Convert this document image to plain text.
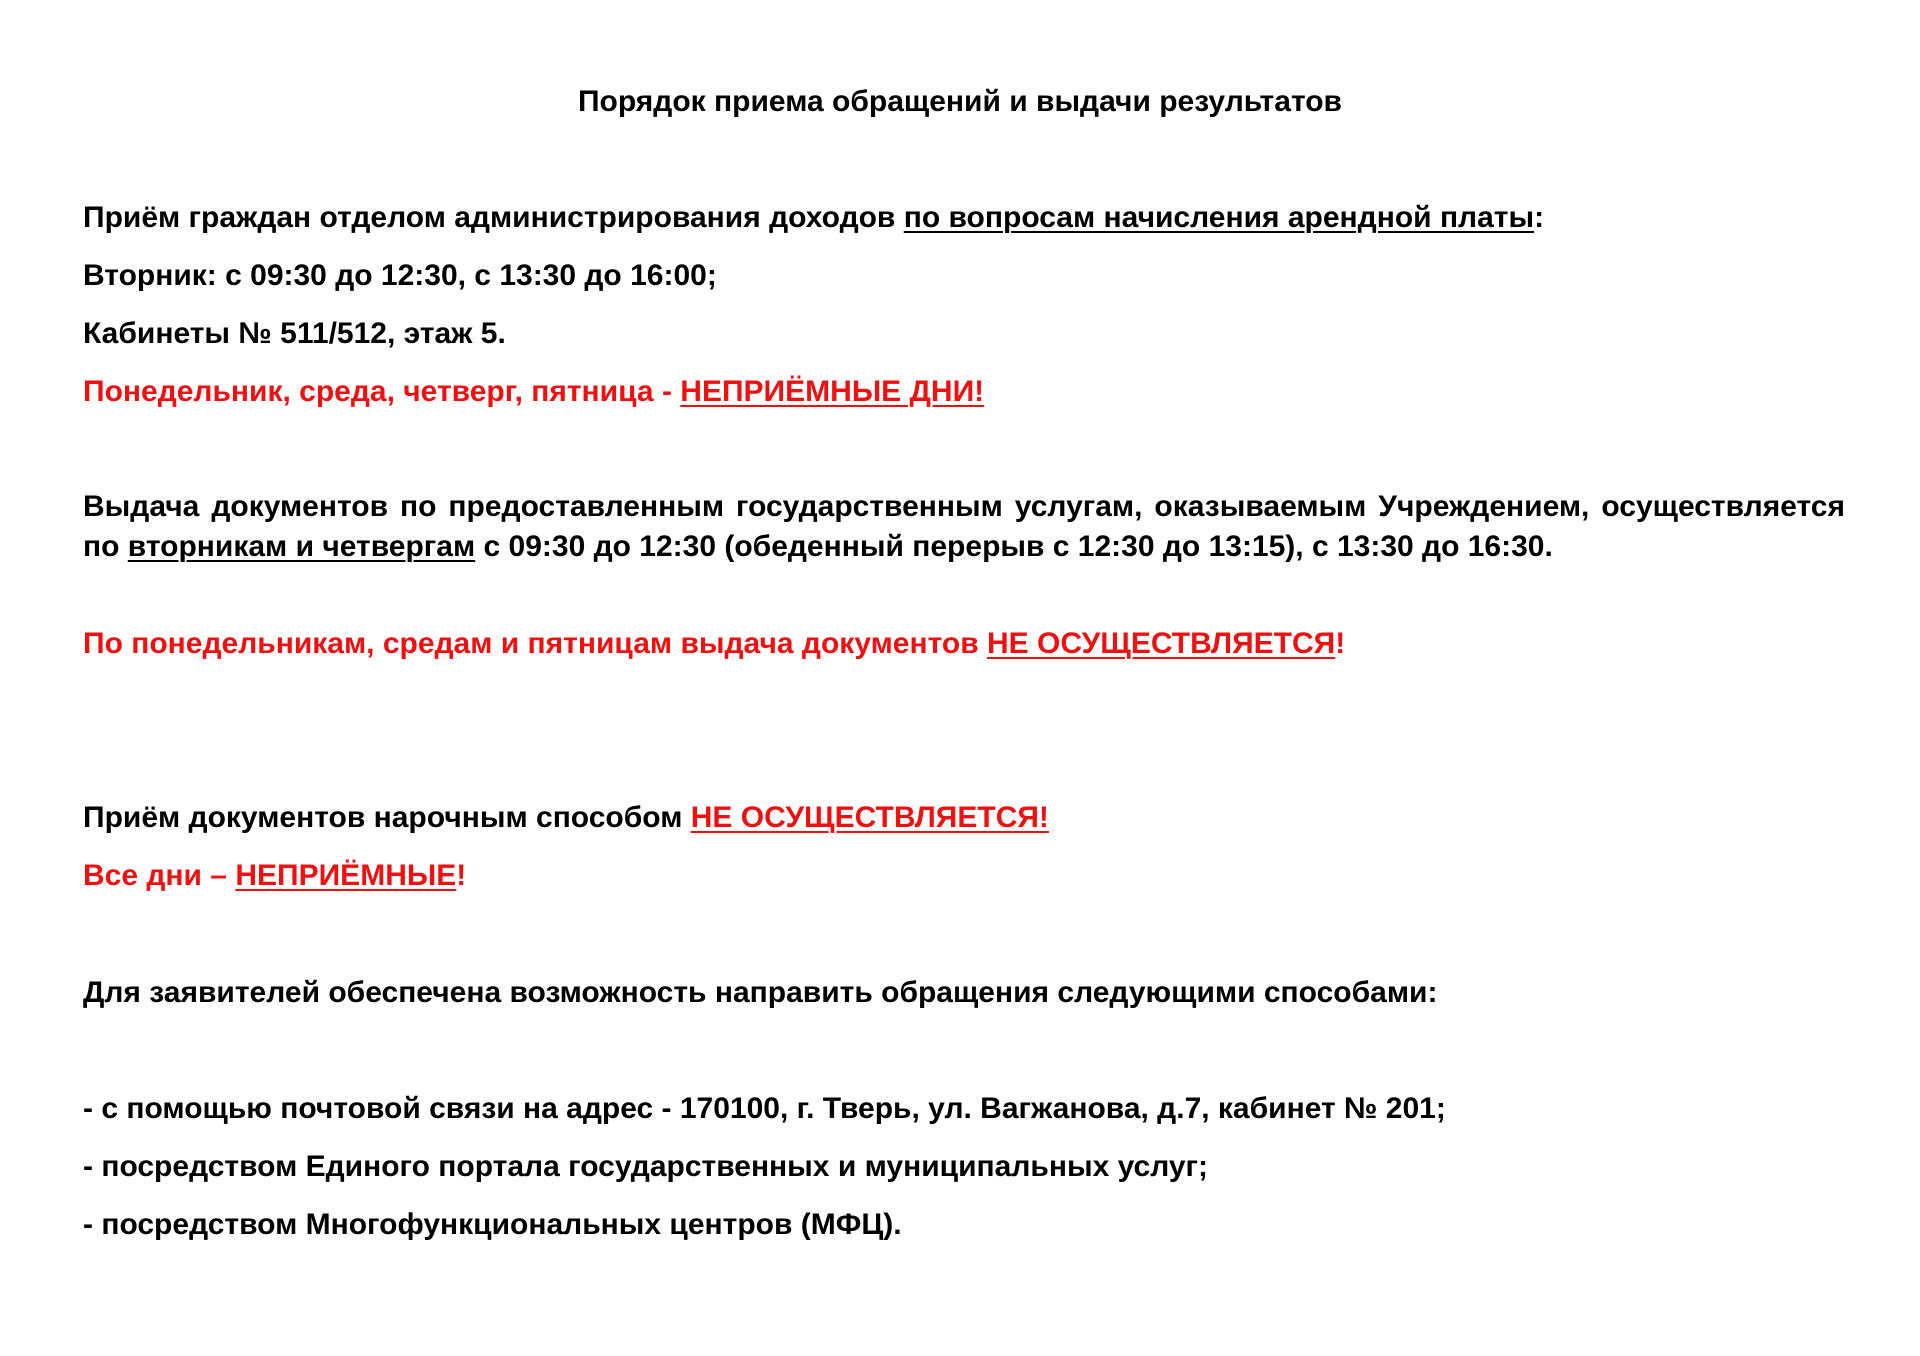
Порядок приема обращений и выдачи результатов
Приём граждан отделом администрирования доходов по вопросам начисления арендной платы:
Вторник: с 09:30 до 12:30, с 13:30 до 16:00;
Кабинеты № 511/512, этаж 5.
Понедельник, среда, четверг, пятница - НЕПРИЁМНЫЕ ДНИ!
Выдача документов по предоставленным государственным услугам, оказываемым Учреждением, осуществляется по вторникам и четвергам с 09:30 до 12:30 (обеденный перерыв с 12:30 до 13:15), с 13:30 до 16:30.
По понедельникам, средам и пятницам выдача документов НЕ ОСУЩЕСТВЛЯЕТСЯ!
Приём документов нарочным способом НЕ ОСУЩЕСТВЛЯЕТСЯ!
Все дни – НЕПРИЁМНЫЕ!
Для заявителей обеспечена возможность направить обращения следующими способами:
- с помощью почтовой связи на адрес - 170100, г. Тверь, ул. Вагжанова, д.7, кабинет № 201;
- посредством Единого портала государственных и муниципальных услуг;
- посредством Многофункциональных центров (МФЦ).
